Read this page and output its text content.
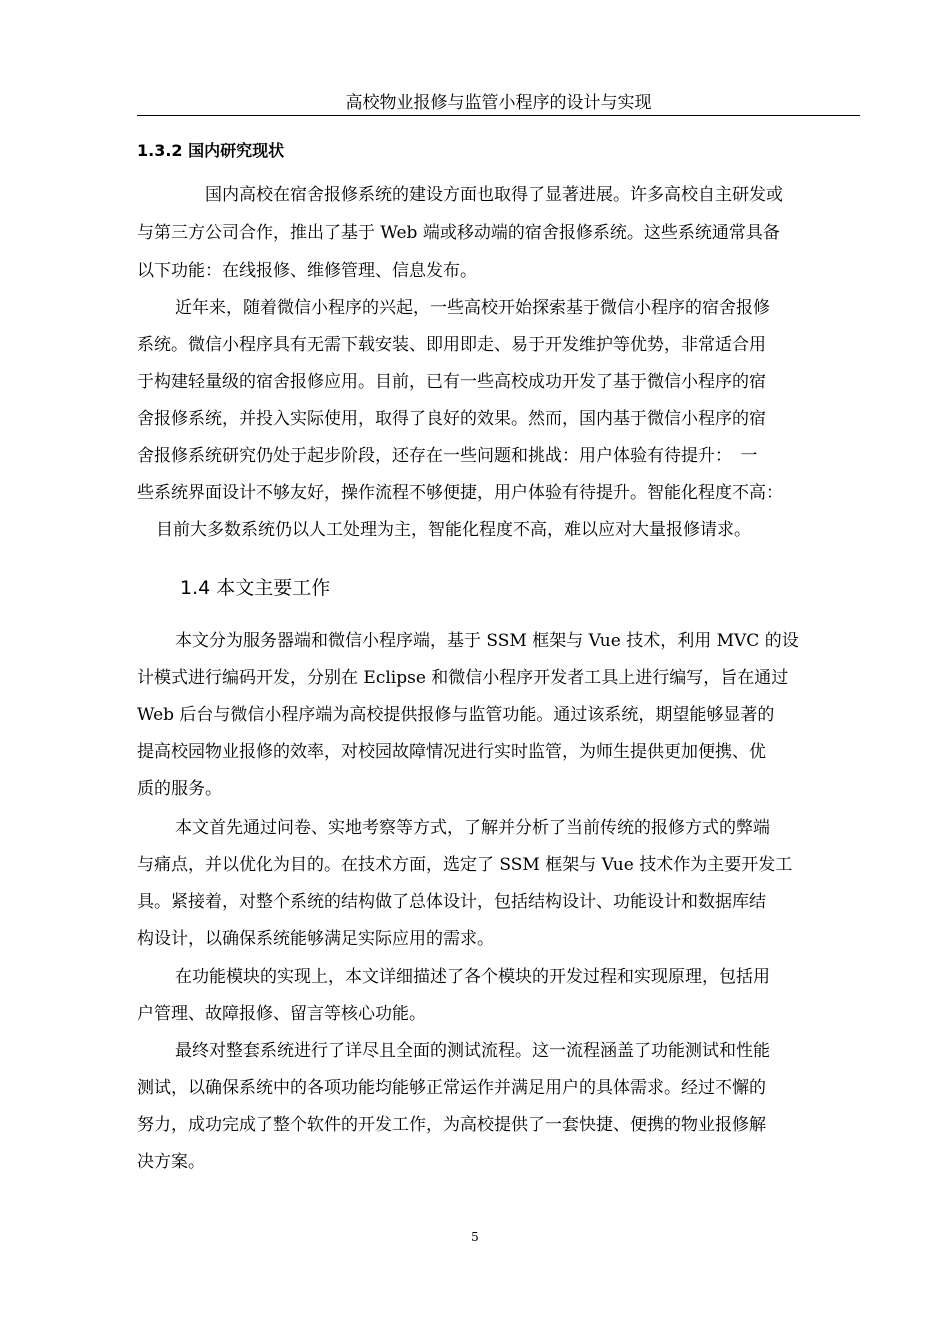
高校物业报修与监管小程序的设计与实现
1.3.2 国内研究现状
国内高校在宿舍报修系统的建设方面也取得了显著进展。许多高校自主研发或
与第三方公司合作，推出了基于 Web 端或移动端的宿舍报修系统。这些系统通常具备
以下功能：在线报修、维修管理、信息发布。
近年来，随着微信小程序的兴起，一些高校开始探索基于微信小程序的宿舍报修
系统。微信小程序具有无需下载安装、即用即走、易于开发维护等优势，非常适合用
于构建轻量级的宿舍报修应用。目前，已有一些高校成功开发了基于微信小程序的宿
舍报修系统，并投入实际使用，取得了良好的效果。然而，国内基于微信小程序的宿
舍报修系统研究仍处于起步阶段，还存在一些问题和挑战：用户体验有待提升：　一
些系统界面设计不够友好，操作流程不够便捷，用户体验有待提升。智能化程度不高：
目前大多数系统仍以人工处理为主，智能化程度不高，难以应对大量报修请求。
1.4 本文主要工作
本文分为服务器端和微信小程序端，基于 SSM 框架与 Vue 技术，利用 MVC 的设
计模式进行编码开发，分别在 Eclipse 和微信小程序开发者工具上进行编写，旨在通过
Web 后台与微信小程序端为高校提供报修与监管功能。通过该系统，期望能够显著的
提高校园物业报修的效率，对校园故障情况进行实时监管，为师生提供更加便携、优
质的服务。
本文首先通过问卷、实地考察等方式，了解并分析了当前传统的报修方式的弊端
与痛点，并以优化为目的。在技术方面，选定了 SSM 框架与 Vue 技术作为主要开发工
具。紧接着，对整个系统的结构做了总体设计，包括结构设计、功能设计和数据库结
构设计，以确保系统能够满足实际应用的需求。
在功能模块的实现上，本文详细描述了各个模块的开发过程和实现原理，包括用
户管理、故障报修、留言等核心功能。
最终对整套系统进行了详尽且全面的测试流程。这一流程涵盖了功能测试和性能
测试，以确保系统中的各项功能均能够正常运作并满足用户的具体需求。经过不懈的
努力，成功完成了整个软件的开发工作，为高校提供了一套快捷、便携的物业报修解
决方案。
5
